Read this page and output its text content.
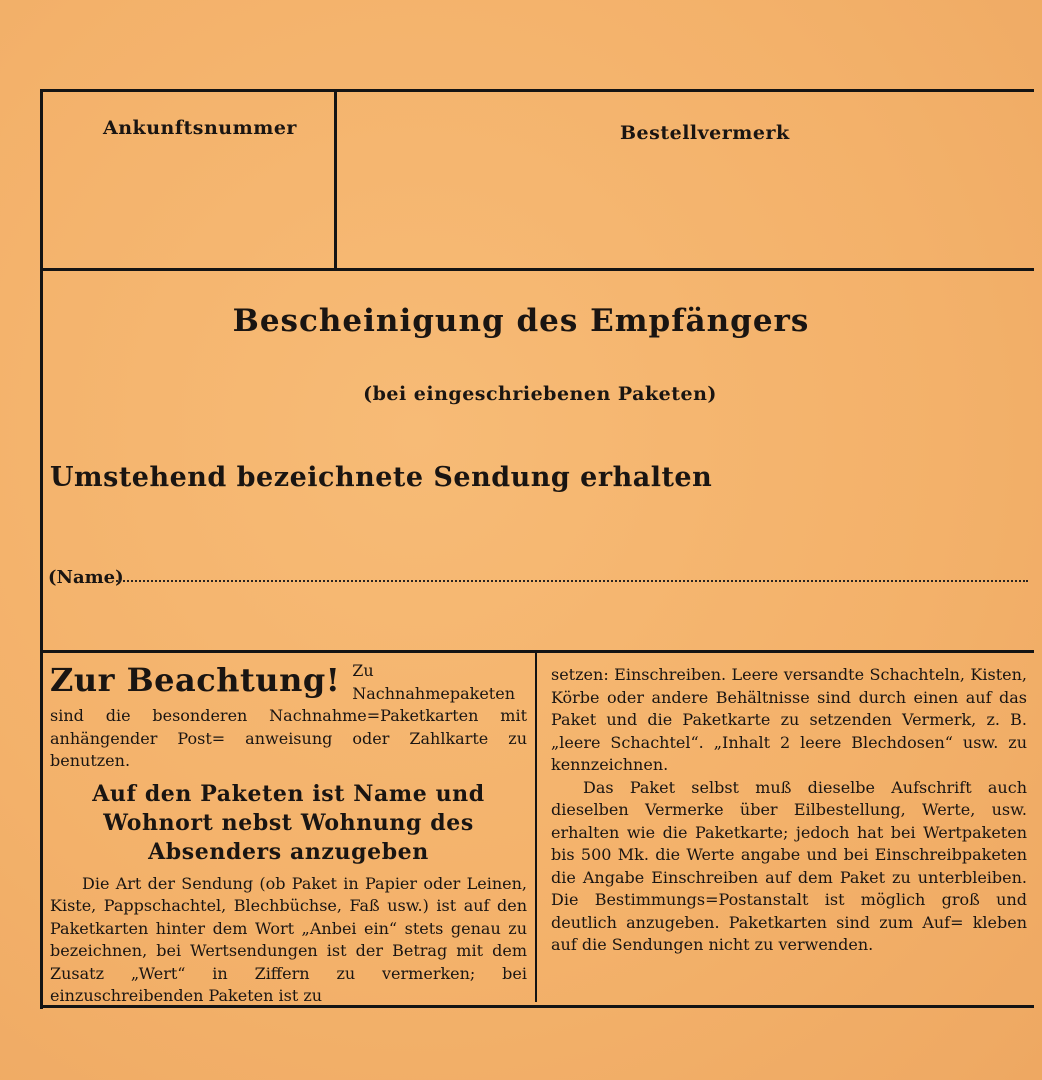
Ankunftsnummer	Bestellvermerk
Bescheinigung des Empfängers
(bei eingeschriebenen Paketen)
Umstehend bezeichnete Sendung erhalten
(Name)
Zur Beachtung! Zu Nachnahmepaketen sind die besonderen Nachnahme=Paketkarten mit anhängender Post= anweisung oder Zahlkarte zu benutzen.

Auf den Paketen ist Name und Wohnort nebst Wohnung des Absenders anzugeben

Die Art der Sendung (ob Paket in Papier oder Leinen, Kiste, Pappschachtel, Blechbüchse, Faß usw.) ist auf den Paketkarten hinter dem Wort „Anbei ein“ stets genau zu bezeichnen, bei Wertsendungen ist der Betrag mit dem Zusatz „Wert“ in Ziffern zu vermerken; bei einzuschreibenden Paketen ist zu

setzen: Einschreiben. Leere versandte Schachteln, Kisten, Körbe oder andere Behältnisse sind durch einen auf das Paket und die Paketkarte zu setzenden Vermerk, z. B. „leere Schachtel“. „Inhalt 2 leere Blechdosen“ usw. zu kennzeichnen.

Das Paket selbst muß dieselbe Aufschrift auch dieselben Vermerke über Eilbestellung, Werte, usw. erhalten wie die Paketkarte; jedoch hat bei Wertpaketen bis 500 Mk. die Werte angabe und bei Einschreibpaketen die Angabe Einschreiben auf dem Paket zu unterbleiben. Die Bestimmungs=Postanstalt ist möglich groß und deutlich anzugeben. Paketkarten sind zum Auf= kleben auf die Sendungen nicht zu verwenden.
